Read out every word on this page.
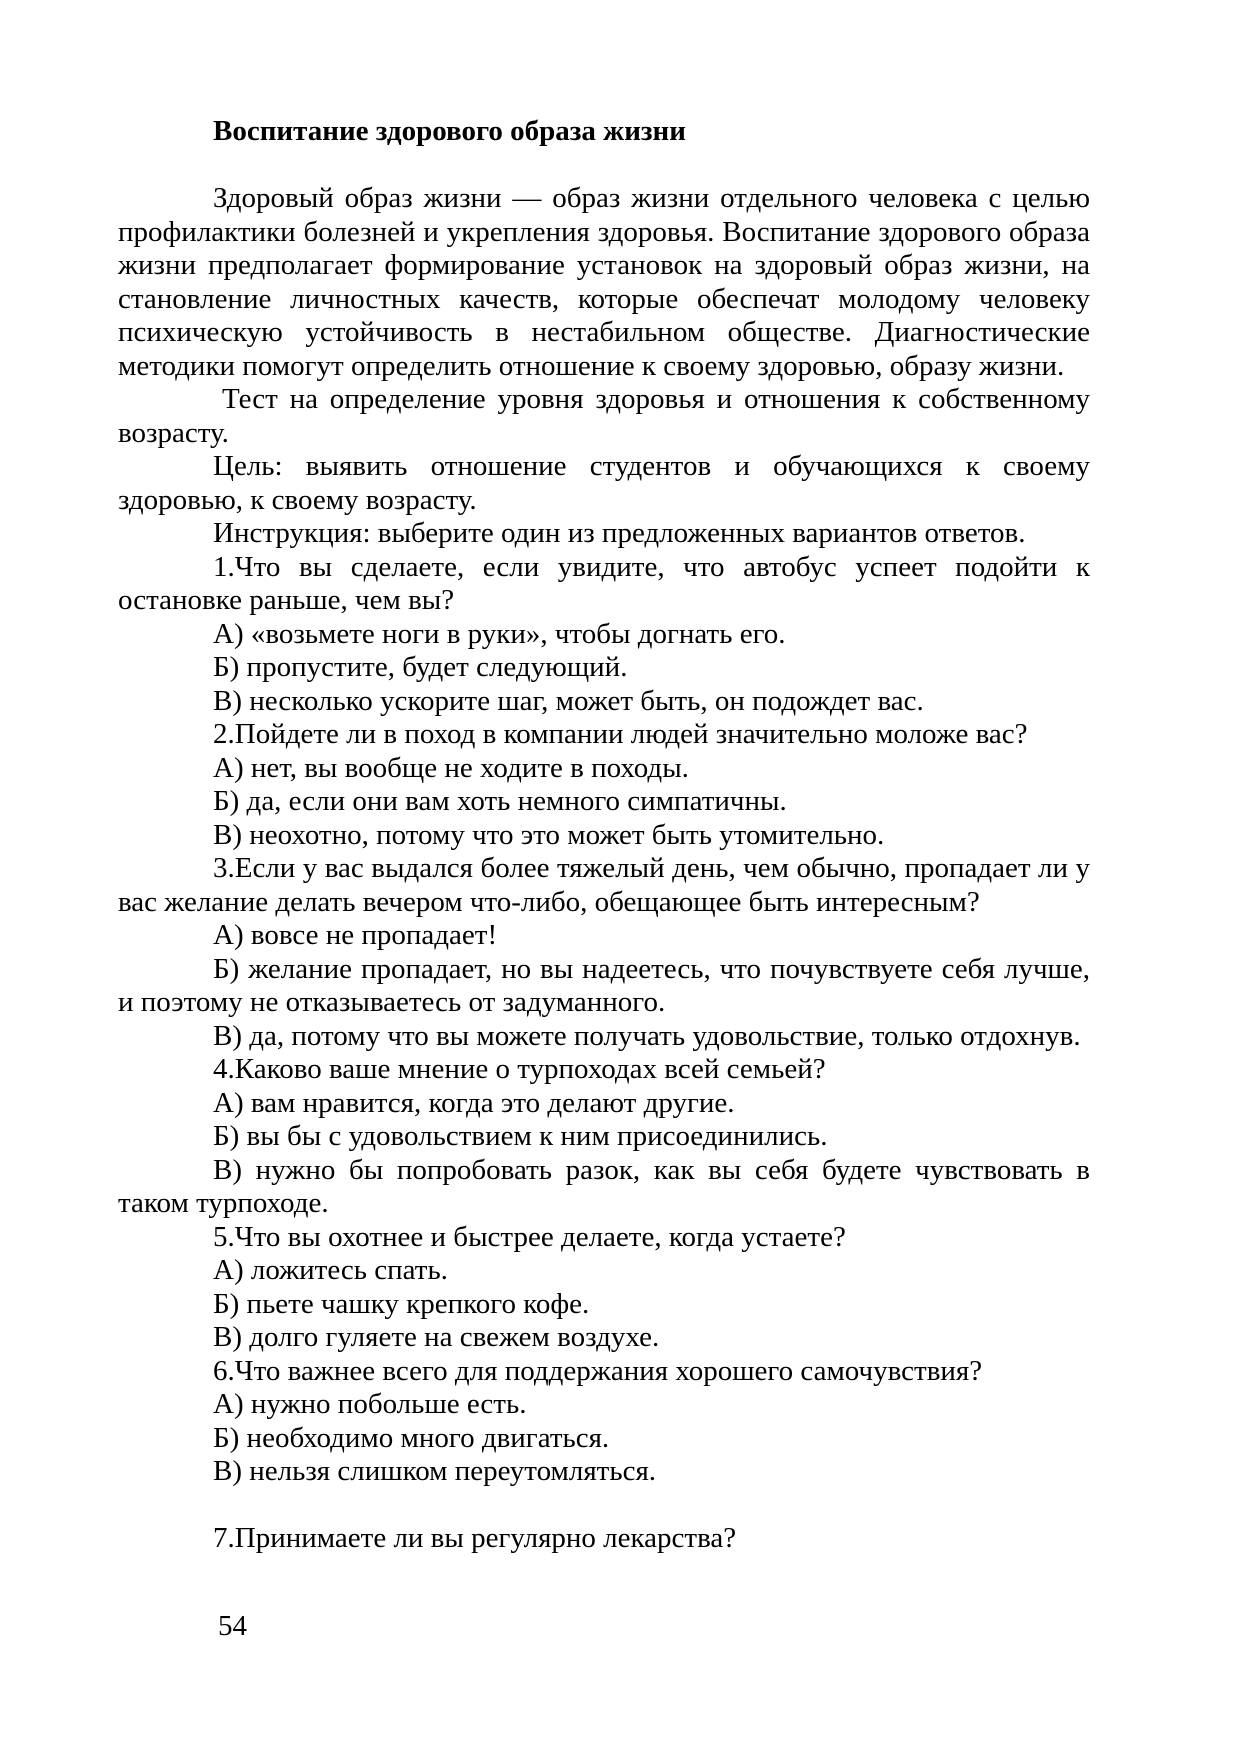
Воспитание здорового образа жизни

Здоровый образ жизни — образ жизни отдельного человека с целью профилактики болезней и укрепления здоровья. Воспитание здорового образа жизни предполагает формирование установок на здоровый образ жизни, на становление личностных качеств, которые обеспечат молодому человеку психическую устойчивость в нестабильном обществе. Диагностические методики помогут определить отношение к своему здоровью, образу жизни.

Тест на определение уровня здоровья и отношения к собственному возрасту.

Цель: выявить отношение студентов и обучающихся к своему здоровью, к своему возрасту.

Инструкция: выберите один из предложенных вариантов ответов.

1.Что вы сделаете, если увидите, что автобус успеет подойти к остановке раньше, чем вы?

А) «возьмете ноги в руки», чтобы догнать его.

Б) пропустите, будет следующий.

В) несколько ускорите шаг, может быть, он подождет вас.

2.Пойдете ли в поход в компании людей значительно моложе вас?

А) нет, вы вообще не ходите в походы.

Б) да, если они вам хоть немного симпатичны.

В) неохотно, потому что это может быть утомительно.

3.Если у вас выдался более тяжелый день, чем обычно, пропадает ли у вас желание делать вечером что-либо, обещающее быть интересным?

А) вовсе не пропадает!

Б) желание пропадает, но вы надеетесь, что почувствуете себя лучше, и поэтому не отказываетесь от задуманного.

В) да, потому что вы можете получать удовольствие, только отдохнув.

4.Каково ваше мнение о турпоходах всей семьей?

А) вам нравится, когда это делают другие.

Б) вы бы с удовольствием к ним присоединились.

В) нужно бы попробовать разок, как вы себя будете чувствовать в таком турпоходе.

5.Что вы охотнее и быстрее делаете, когда устаете?

А) ложитесь спать.

Б) пьете чашку крепкого кофе.

В) долго гуляете на свежем воздухе.

6.Что важнее всего для поддержания хорошего самочувствия?

А) нужно побольше есть.

Б) необходимо много двигаться.

В) нельзя слишком переутомляться.

7.Принимаете ли вы регулярно лекарства?

54
